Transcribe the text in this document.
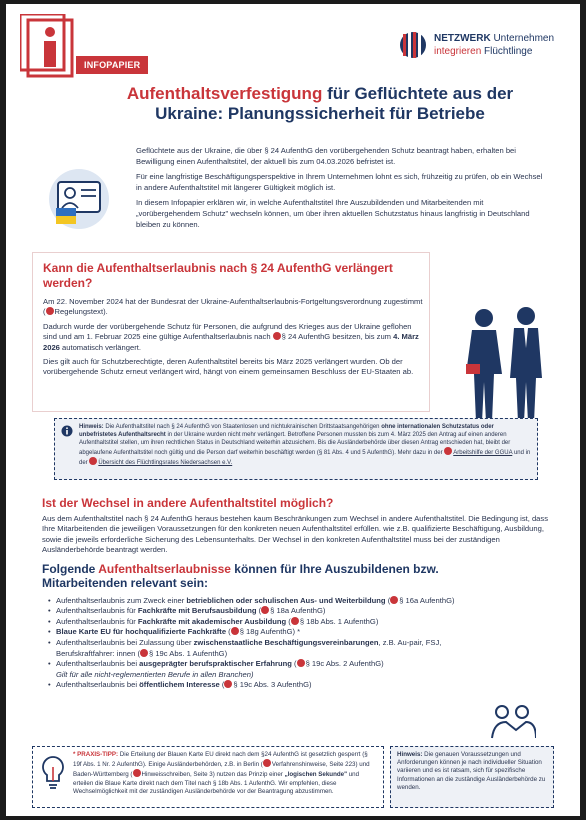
INFOPAPIER
NETZWERK Unternehmen
integrieren Flüchtlinge
Aufenthaltsverfestigung für Geflüchtete aus der Ukraine: Planungssicherheit für Betriebe

Geflüchtete aus der Ukraine, die über § 24 AufenthG den vorübergehenden Schutz beantragt haben, erhalten bei Bewilligung einen Aufenthaltstitel, der aktuell bis zum 04.03.2026 befristet ist.

Für eine langfristige Beschäftigungsperspektive in Ihrem Unternehmen lohnt es sich, frühzeitig zu prüfen, ob ein Wechsel in andere Aufenthaltstitel mit längerer Gültigkeit möglich ist.

In diesem Infopapier erklären wir, in welche Aufenthaltstitel Ihre Auszubildenden und Mitarbeitenden mit „vorübergehendem Schutz" wechseln können, um über ihren aktuellen Schutzstatus hinaus langfristig in Deutschland bleiben zu können.

Kann die Aufenthaltserlaubnis nach § 24 AufenthG verlängert werden?

Am 22. November 2024 hat der Bundesrat der Ukraine-Aufenthaltserlaubnis-Fortgeltungsverordnung zugestimmt ( Regelungstext).

Dadurch wurde der vorübergehende Schutz für Personen, die aufgrund des Krieges aus der Ukraine geflohen sind und am 1. Februar 2025 eine gültige Aufenthaltserlaubnis nach § 24 AufenthG besitzen, bis zum 4. März 2026 automatisch verlängert.

Dies gilt auch für Schutzberechtigte, deren Aufenthaltstitel bereits bis März 2025 verlängert wurden. Ob der vorübergehende Schutz erneut verlängert wird, hängt von einem gemeinsamen Beschluss der EU-Staaten ab.

Hinweis: Die Aufenthaltstitel nach § 24 AufenthG von Staatenlosen und nichtukrainischen Drittstaatsangehörigen ohne internationalen Schutzstatus oder unbefristetes Aufenthaltsrecht in der Ukraine wurden nicht mehr verlängert. Betroffene Personen mussten bis zum 4. März 2025 den Antrag auf einen anderen Aufenthaltstitel stellen, um ihren rechtlichen Status in Deutschland weiterhin abzusichern. Bis die Ausländerbehörde über diesen Antrag entschieden hat, bleibt der abgelaufene Aufenthaltstitel noch gültig und die Person darf weiterhin beschäftigt werden (§ 81 Abs. 4 und 5 AufenthG). Mehr dazu in der Arbeitshilfe der GGUA und in der Übersicht des Flüchtlingsrates Niedersachsen e.V.
Ist der Wechsel in andere Aufenthaltstitel möglich?

Aus dem Aufenthaltstitel nach § 24 AufenthG heraus bestehen kaum Beschränkungen zum Wechsel in andere Aufenthaltstitel. Die Bedingung ist, dass Ihre Mitarbeitenden die jeweiligen Voraussetzungen für den konkreten neuen Aufenthaltstitel erfüllen. wie z.B. qualifizierte Beschäftigung, Ausbildung, sowie die jeweils erforderliche Sicherung des Lebensunterhalts. Der Wechsel in den konkreten Aufenthaltstitel muss bei der zuständigen Ausländerbehörde beantragt werden.

Folgende Aufenthaltserlaubnisse können für Ihre Auszubildenen bzw. Mitarbeitenden relevant sein:
• Aufenthaltserlaubnis zum Zweck einer betrieblichen oder schulischen Aus- und Weiterbildung ( § 16a AufenthG)
• Aufenthaltserlaubnis für Fachkräfte mit Berufsausbildung ( § 18a AufenthG)
• Aufenthaltserlaubnis für Fachkräfte mit akademischer Ausbildung ( § 18b Abs. 1 AufenthG)
• Blaue Karte EU für hochqualifizierte Fachkräfte ( § 18g AufenthG) *
• Aufenthaltserlaubnis bei Zulassung über zwischenstaatliche Beschäftigungsvereinbarungen, z.B. Au-pair, FSJ, Berufskraftfahrer: innen ( § 19c Abs. 1 AufenthG)
• Aufenthaltserlaubnis bei ausgeprägter berufspraktischer Erfahrung ( § 19c Abs. 2 AufenthG)
Gilt für alle nicht-reglementierten Berufe in allen Branchen)
• Aufenthaltserlaubnis bei öffentlichem Interesse ( § 19c Abs. 3 AufenthG)
* PRAXIS-TIPP: Die Erteilung der Blauen Karte EU direkt nach dem §24 AufenthG ist gesetzlich gesperrt (§ 19f Abs. 1 Nr. 2 AufenthG). Einige Ausländerbehörden, z.B. in Berlin ( Verfahrenshinweise, Seite 223) und Baden-Württemberg ( Hinweisschreiben, Seite 3) nutzen das Prinzip einer „logischen Sekunde" und erteilen die Blaue Karte direkt nach dem Titel nach § 18b Abs. 1 AufenthG. Wir empfehlen, diese Wechselmöglichkeit mit der zuständigen Ausländerbehörde vor der Beantragung abzustimmen.
Hinweis: Die genauen Voraussetzungen und Anforderungen können je nach individueller Situation variieren und es ist ratsam, sich für spezifische Informationen an die zuständige Ausländerbehörde zu wenden.
